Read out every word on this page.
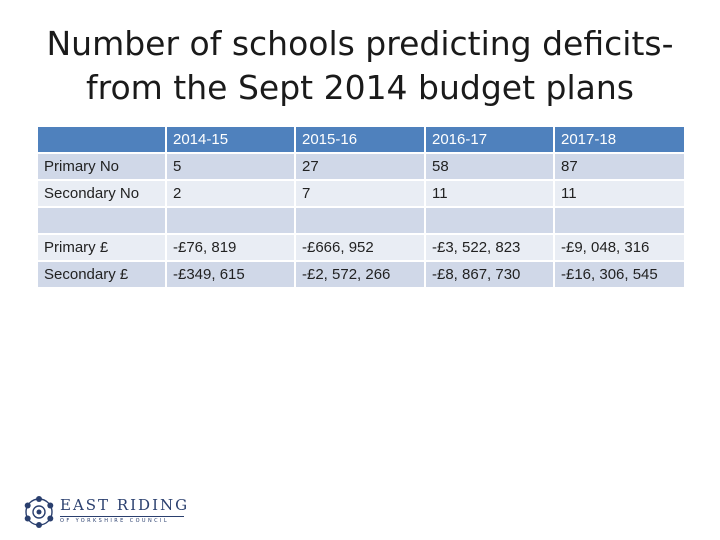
Number of schools predicting deficits-
from the Sept 2014 budget plans
	2014-15	2015-16	2016-17	2017-18
Primary No	5	27	58	87
Secondary No	2	7	11	11

Primary £	-£76, 819	-£666, 952	-£3, 522, 823	-£9, 048, 316
Secondary £	-£349, 615	-£2, 572, 266	-£8, 867, 730	-£16, 306, 545
EAST RIDING
OF YORKSHIRE COUNCIL
